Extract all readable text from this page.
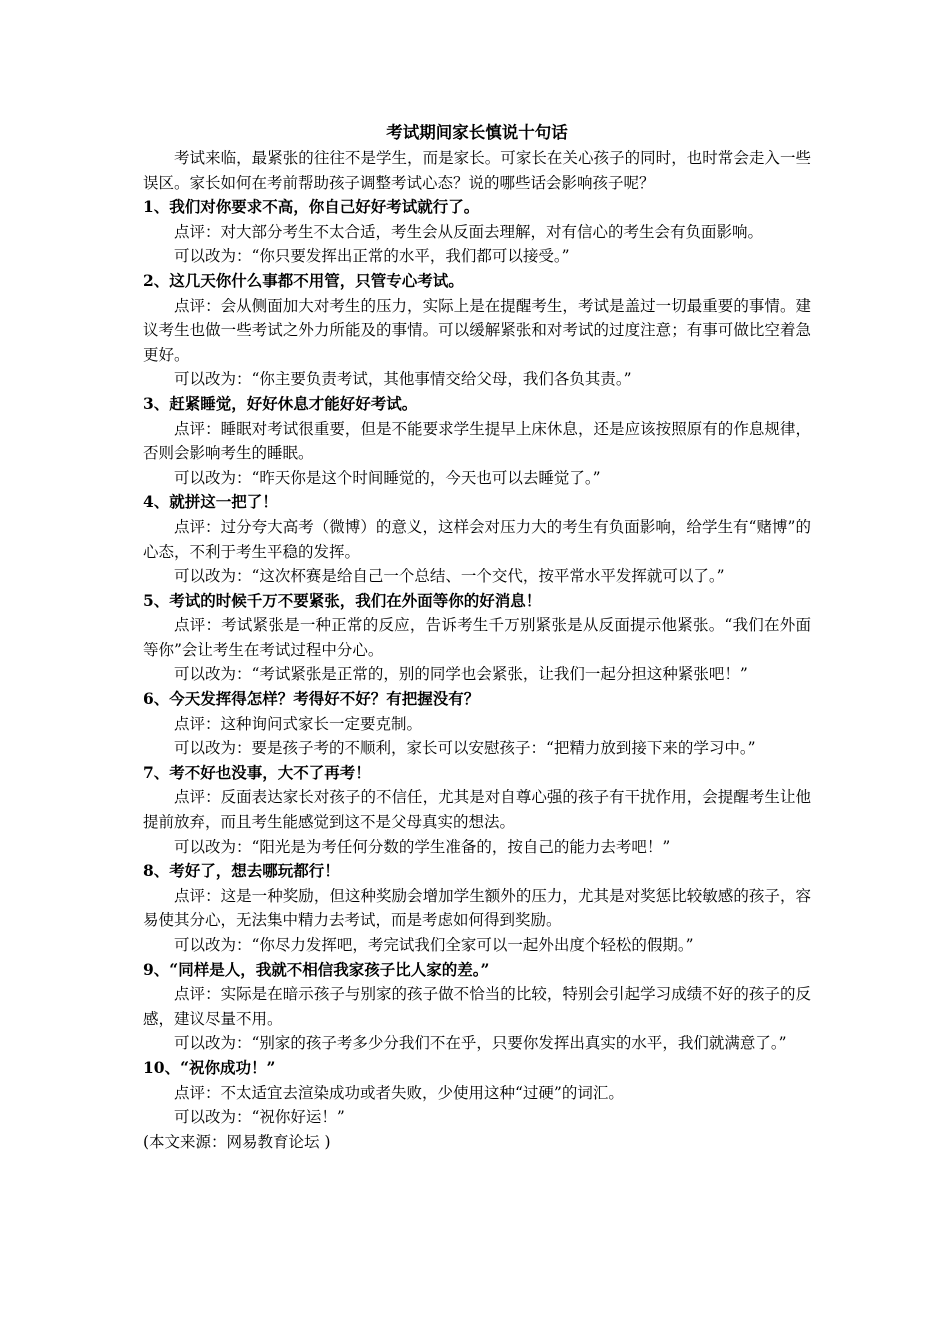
考试期间家长慎说十句话

考试来临，最紧张的往往不是学生，而是家长。可家长在关心孩子的同时，也时常会走入一些误区。家长如何在考前帮助孩子调整考试心态？说的哪些话会影响孩子呢？

1、我们对你要求不高，你自己好好考试就行了。

点评：对大部分考生不太合适，考生会从反面去理解，对有信心的考生会有负面影响。

可以改为：“你只要发挥出正常的水平，我们都可以接受。”

2、这几天你什么事都不用管，只管专心考试。

点评：会从侧面加大对考生的压力，实际上是在提醒考生，考试是盖过一切最重要的事情。建议考生也做一些考试之外力所能及的事情。可以缓解紧张和对考试的过度注意；有事可做比空着急更好。

可以改为：“你主要负责考试，其他事情交给父母，我们各负其责。”

3、赶紧睡觉，好好休息才能好好考试。

点评：睡眠对考试很重要，但是不能要求学生提早上床休息，还是应该按照原有的作息规律，否则会影响考生的睡眠。

可以改为：“昨天你是这个时间睡觉的，今天也可以去睡觉了。”

4、就拼这一把了！

点评：过分夸大高考（微博）的意义，这样会对压力大的考生有负面影响，给学生有“赌博”的心态，不利于考生平稳的发挥。

可以改为：“这次杯赛是给自己一个总结、一个交代，按平常水平发挥就可以了。”

5、考试的时候千万不要紧张，我们在外面等你的好消息！

点评：考试紧张是一种正常的反应，告诉考生千万别紧张是从反面提示他紧张。“我们在外面等你”会让考生在考试过程中分心。

可以改为：“考试紧张是正常的，别的同学也会紧张，让我们一起分担这种紧张吧！”

6、今天发挥得怎样？考得好不好？有把握没有？

点评：这种询问式家长一定要克制。

可以改为：要是孩子考的不顺利，家长可以安慰孩子：“把精力放到接下来的学习中。”

7、考不好也没事，大不了再考！

点评：反面表达家长对孩子的不信任，尤其是对自尊心强的孩子有干扰作用，会提醒考生让他提前放弃，而且考生能感觉到这不是父母真实的想法。

可以改为：“阳光是为考任何分数的学生准备的，按自己的能力去考吧！”

8、考好了，想去哪玩都行！

点评：这是一种奖励，但这种奖励会增加学生额外的压力，尤其是对奖惩比较敏感的孩子，容易使其分心，无法集中精力去考试，而是考虑如何得到奖励。

可以改为：“你尽力发挥吧，考完试我们全家可以一起外出度个轻松的假期。”

9、“同样是人，我就不相信我家孩子比人家的差。”

点评：实际是在暗示孩子与别家的孩子做不恰当的比较，特别会引起学习成绩不好的孩子的反感，建议尽量不用。

可以改为：“别家的孩子考多少分我们不在乎，只要你发挥出真实的水平，我们就满意了。”

10、“祝你成功！”

点评：不太适宜去渲染成功或者失败，少使用这种“过硬”的词汇。

可以改为：“祝你好运！”

(本文来源：网易教育论坛 )
